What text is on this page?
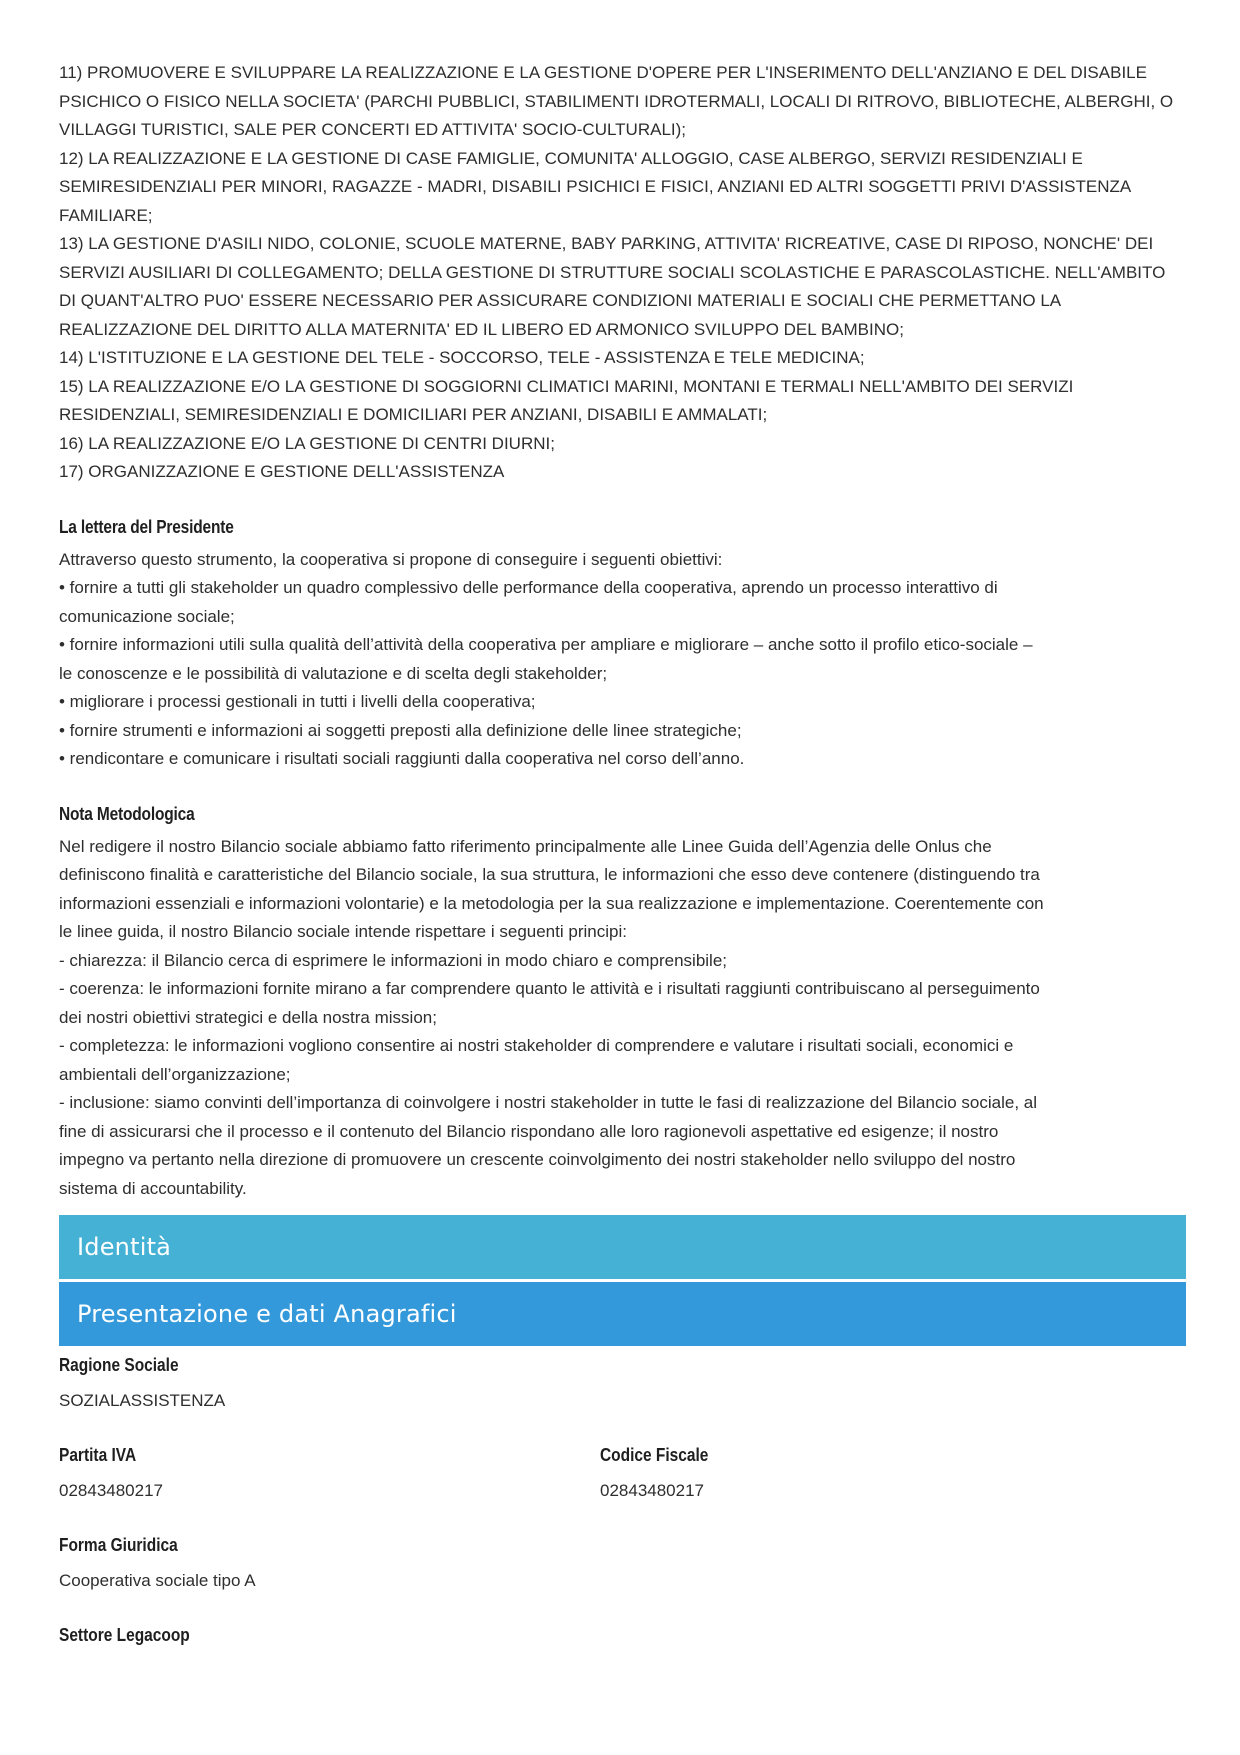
11) PROMUOVERE E SVILUPPARE LA REALIZZAZIONE E LA GESTIONE D'OPERE PER L'INSERIMENTO DELL'ANZIANO E DEL DISABILE
PSICHICO O FISICO NELLA SOCIETA' (PARCHI PUBBLICI, STABILIMENTI IDROTERMALI, LOCALI DI RITROVO, BIBLIOTECHE, ALBERGHI, O
VILLAGGI TURISTICI, SALE PER CONCERTI ED ATTIVITA' SOCIO-CULTURALI);
12) LA REALIZZAZIONE E LA GESTIONE DI CASE FAMIGLIE, COMUNITA' ALLOGGIO, CASE ALBERGO, SERVIZI RESIDENZIALI E
SEMIRESIDENZIALI PER MINORI, RAGAZZE - MADRI, DISABILI PSICHICI E FISICI, ANZIANI ED ALTRI SOGGETTI PRIVI D'ASSISTENZA
FAMILIARE;
13) LA GESTIONE D'ASILI NIDO, COLONIE, SCUOLE MATERNE, BABY PARKING, ATTIVITA' RICREATIVE, CASE DI RIPOSO, NONCHE' DEI
SERVIZI AUSILIARI DI COLLEGAMENTO; DELLA GESTIONE DI STRUTTURE SOCIALI SCOLASTICHE E PARASCOLASTICHE. NELL'AMBITO
DI QUANT'ALTRO PUO' ESSERE NECESSARIO PER ASSICURARE CONDIZIONI MATERIALI E SOCIALI CHE PERMETTANO LA
REALIZZAZIONE DEL DIRITTO ALLA MATERNITA' ED IL LIBERO ED ARMONICO SVILUPPO DEL BAMBINO;
14) L'ISTITUZIONE E LA GESTIONE DEL TELE - SOCCORSO, TELE - ASSISTENZA E TELE MEDICINA;
15) LA REALIZZAZIONE E/O LA GESTIONE DI SOGGIORNI CLIMATICI MARINI, MONTANI E TERMALI NELL'AMBITO DEI SERVIZI
RESIDENZIALI, SEMIRESIDENZIALI E DOMICILIARI PER ANZIANI, DISABILI E AMMALATI;
16) LA REALIZZAZIONE E/O LA GESTIONE DI CENTRI DIURNI;
17) ORGANIZZAZIONE E GESTIONE DELL'ASSISTENZA
La lettera del Presidente
Attraverso questo strumento, la cooperativa si propone di conseguire i seguenti obiettivi:
• fornire a tutti gli stakeholder un quadro complessivo delle performance della cooperativa, aprendo un processo interattivo di
comunicazione sociale;
• fornire informazioni utili sulla qualità dell’attività della cooperativa per ampliare e migliorare – anche sotto il profilo etico-sociale –
le conoscenze e le possibilità di valutazione e di scelta degli stakeholder;
• migliorare i processi gestionali in tutti i livelli della cooperativa;
• fornire strumenti e informazioni ai soggetti preposti alla definizione delle linee strategiche;
• rendicontare e comunicare i risultati sociali raggiunti dalla cooperativa nel corso dell’anno.
Nota Metodologica
Nel redigere il nostro Bilancio sociale abbiamo fatto riferimento principalmente alle Linee Guida dell’Agenzia delle Onlus che
definiscono finalità e caratteristiche del Bilancio sociale, la sua struttura, le informazioni che esso deve contenere (distinguendo tra
informazioni essenziali e informazioni volontarie) e la metodologia per la sua realizzazione e implementazione. Coerentemente con
le linee guida, il nostro Bilancio sociale intende rispettare i seguenti principi:
- chiarezza: il Bilancio cerca di esprimere le informazioni in modo chiaro e comprensibile;
- coerenza: le informazioni fornite mirano a far comprendere quanto le attività e i risultati raggiunti contribuiscano al perseguimento
dei nostri obiettivi strategici e della nostra mission;
- completezza: le informazioni vogliono consentire ai nostri stakeholder di comprendere e valutare i risultati sociali, economici e
ambientali dell’organizzazione;
- inclusione: siamo convinti dell’importanza di coinvolgere i nostri stakeholder in tutte le fasi di realizzazione del Bilancio sociale, al
fine di assicurarsi che il processo e il contenuto del Bilancio rispondano alle loro ragionevoli aspettative ed esigenze; il nostro
impegno va pertanto nella direzione di promuovere un crescente coinvolgimento dei nostri stakeholder nello sviluppo del nostro
sistema di accountability.
Identità
Presentazione e dati Anagrafici
Ragione Sociale
SOZIALASSISTENZA
Partita IVA
02843480217
Codice Fiscale
02843480217
Forma Giuridica
Cooperativa sociale tipo A
Settore Legacoop
